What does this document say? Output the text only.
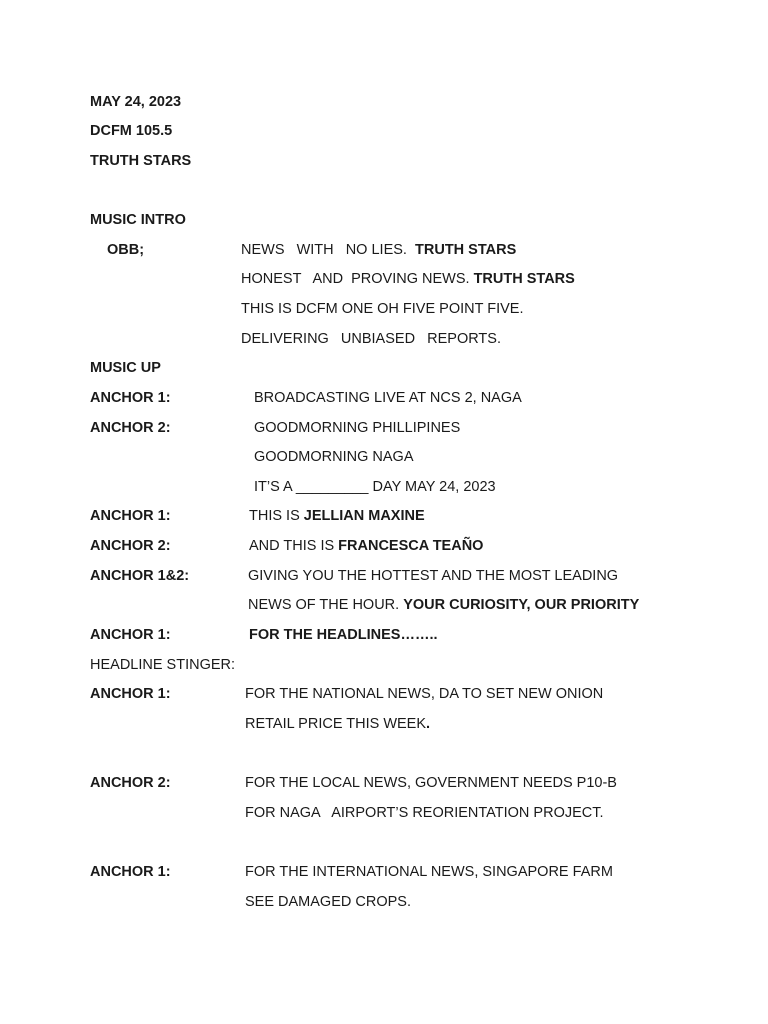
MAY 24, 2023
DCFM 105.5
TRUTH STARS
MUSIC INTRO
OBB;	NEWS   WITH   NO LIES.  TRUTH STARS
HONEST   AND  PROVING NEWS. TRUTH STARS
THIS IS DCFM ONE OH FIVE POINT FIVE.
DELIVERING   UNBIASED   REPORTS.
MUSIC UP
ANCHOR 1:	BROADCASTING LIVE AT NCS 2, NAGA
ANCHOR 2:	GOODMORNING PHILLIPINES
GOODMORNING NAGA
IT’S A _________ DAY MAY 24, 2023
ANCHOR 1:	THIS IS JELLIAN MAXINE
ANCHOR 2:	AND THIS IS FRANCESCA TEAÑO
ANCHOR 1&2:	GIVING YOU THE HOTTEST AND THE MOST LEADING
NEWS OF THE HOUR. YOUR CURIOSITY, OUR PRIORITY
ANCHOR 1:	FOR THE HEADLINES……..
HEADLINE STINGER:
ANCHOR 1:	FOR THE NATIONAL NEWS, DA TO SET NEW ONION
RETAIL PRICE THIS WEEK.
ANCHOR 2:	FOR THE LOCAL NEWS, GOVERNMENT NEEDS P10-B
FOR NAGA   AIRPORT’S REORIENTATION PROJECT.
ANCHOR 1:	FOR THE INTERNATIONAL NEWS, SINGAPORE FARM
SEE DAMAGED CROPS.
